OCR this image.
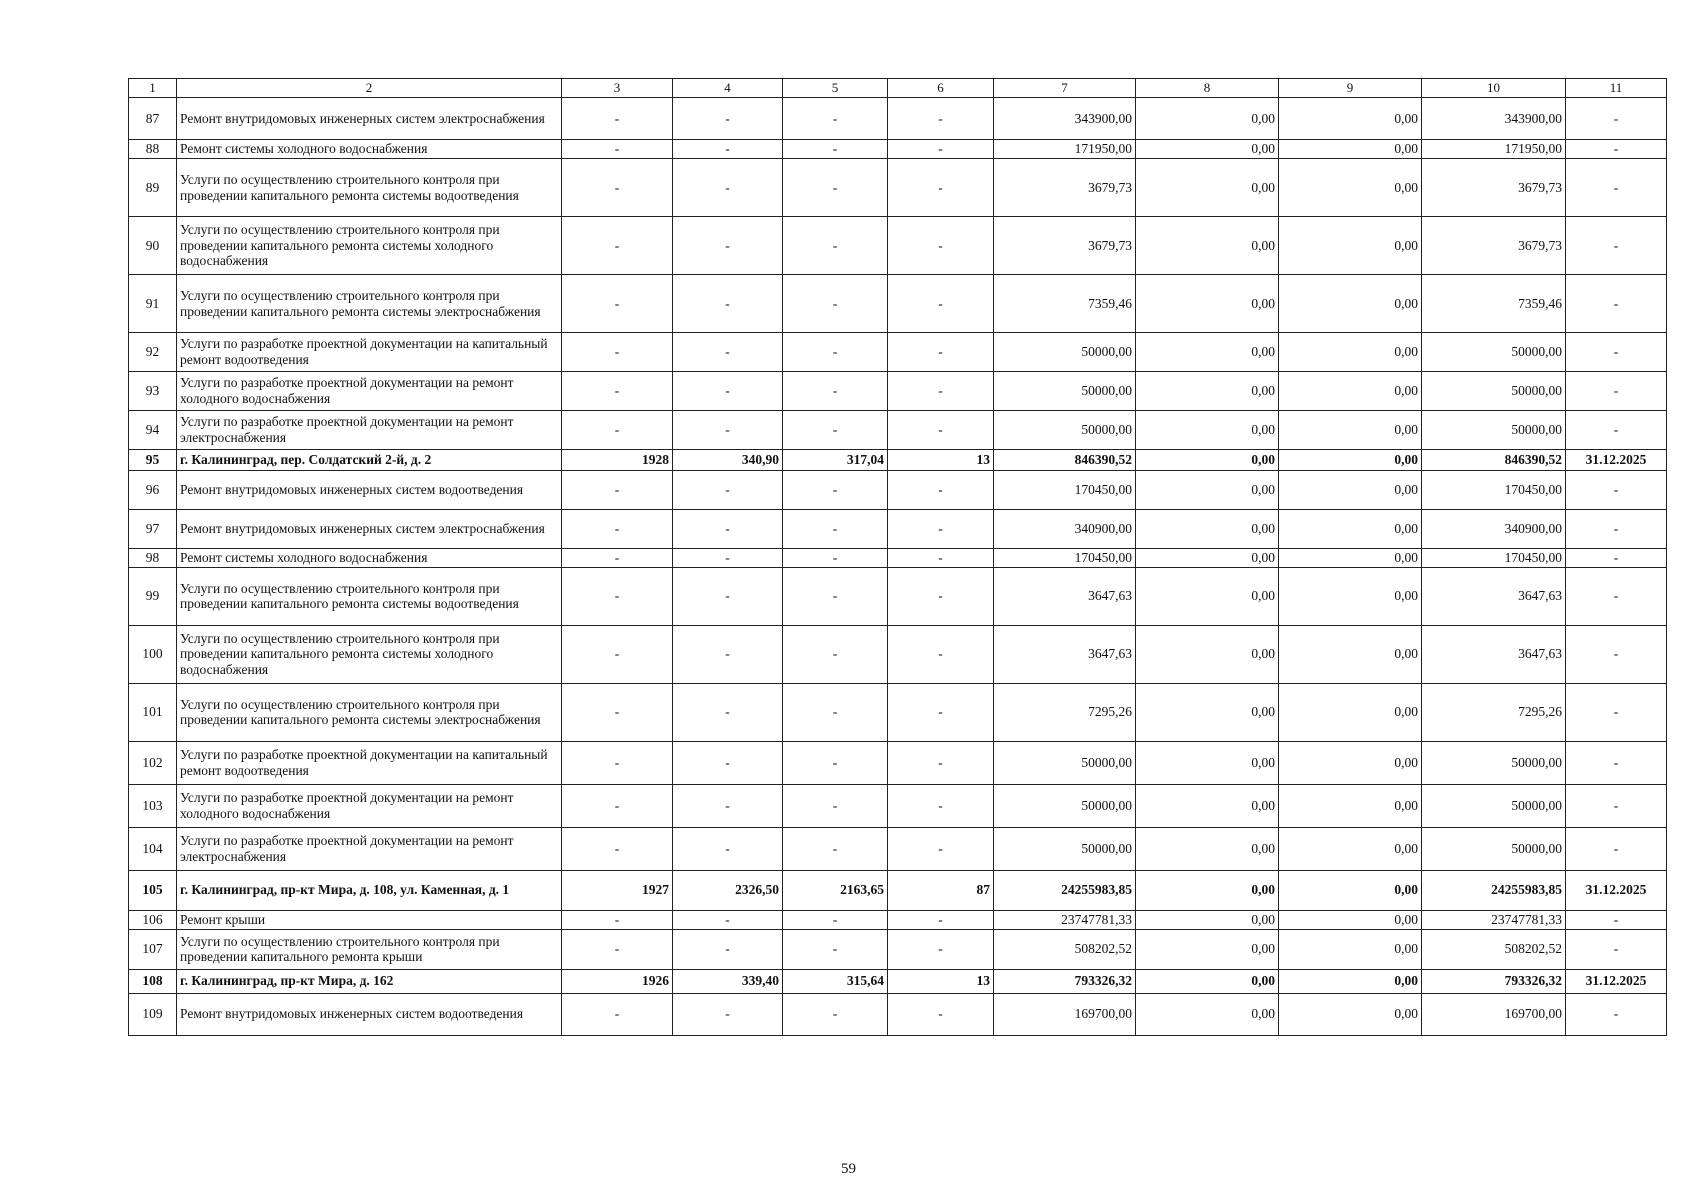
1	2	3	4	5	6	7	8	9	10	11
87	Ремонт внутридомовых инженерных систем электроснабжения	-	-	-	-	343900,00	0,00	0,00	343900,00	-
88	Ремонт системы холодного водоснабжения	-	-	-	-	171950,00	0,00	0,00	171950,00	-
89	Услуги по осуществлению строительного контроля при проведении капитального ремонта системы водоотведения	-	-	-	-	3679,73	0,00	0,00	3679,73	-
90	Услуги по осуществлению строительного контроля при проведении капитального ремонта системы холодного водоснабжения	-	-	-	-	3679,73	0,00	0,00	3679,73	-
91	Услуги по осуществлению строительного контроля при проведении капитального ремонта системы электроснабжения	-	-	-	-	7359,46	0,00	0,00	7359,46	-
92	Услуги по разработке проектной документации на капитальный ремонт водоотведения	-	-	-	-	50000,00	0,00	0,00	50000,00	-
93	Услуги по разработке проектной документации на ремонт холодного водоснабжения	-	-	-	-	50000,00	0,00	0,00	50000,00	-
94	Услуги по разработке проектной документации на ремонт электроснабжения	-	-	-	-	50000,00	0,00	0,00	50000,00	-
95	г. Калининград, пер. Солдатский 2-й, д. 2	1928	340,90	317,04	13	846390,52	0,00	0,00	846390,52	31.12.2025
96	Ремонт внутридомовых инженерных систем водоотведения	-	-	-	-	170450,00	0,00	0,00	170450,00	-
97	Ремонт внутридомовых инженерных систем электроснабжения	-	-	-	-	340900,00	0,00	0,00	340900,00	-
98	Ремонт системы холодного водоснабжения	-	-	-	-	170450,00	0,00	0,00	170450,00	-
99	Услуги по осуществлению строительного контроля при проведении капитального ремонта системы водоотведения	-	-	-	-	3647,63	0,00	0,00	3647,63	-
100	Услуги по осуществлению строительного контроля при проведении капитального ремонта системы холодного водоснабжения	-	-	-	-	3647,63	0,00	0,00	3647,63	-
101	Услуги по осуществлению строительного контроля при проведении капитального ремонта системы электроснабжения	-	-	-	-	7295,26	0,00	0,00	7295,26	-
102	Услуги по разработке проектной документации на капитальный ремонт водоотведения	-	-	-	-	50000,00	0,00	0,00	50000,00	-
103	Услуги по разработке проектной документации на ремонт холодного водоснабжения	-	-	-	-	50000,00	0,00	0,00	50000,00	-
104	Услуги по разработке проектной документации на ремонт электроснабжения	-	-	-	-	50000,00	0,00	0,00	50000,00	-
105	г. Калининград, пр-кт Мира, д. 108, ул. Каменная, д. 1	1927	2326,50	2163,65	87	24255983,85	0,00	0,00	24255983,85	31.12.2025
106	Ремонт крыши	-	-	-	-	23747781,33	0,00	0,00	23747781,33	-
107	Услуги по осуществлению строительного контроля при проведении капитального ремонта крыши	-	-	-	-	508202,52	0,00	0,00	508202,52	-
108	г. Калининград, пр-кт Мира, д. 162	1926	339,40	315,64	13	793326,32	0,00	0,00	793326,32	31.12.2025
109	Ремонт внутридомовых инженерных систем водоотведения	-	-	-	-	169700,00	0,00	0,00	169700,00	-
59
